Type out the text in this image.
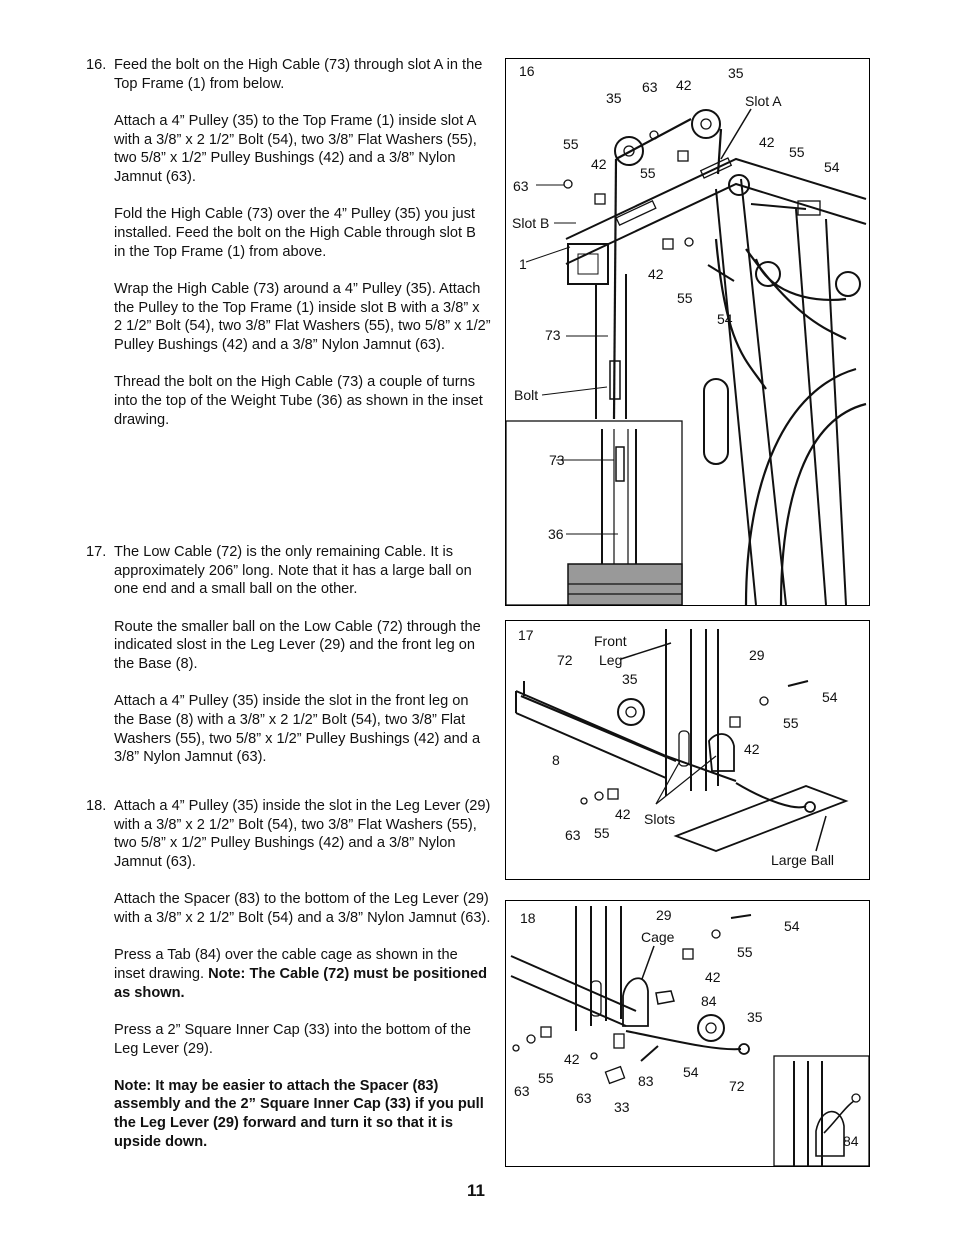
16. Feed the bolt on the High Cable (73) through slot A in the Top Frame (1) from below.

Attach a 4” Pulley (35) to the Top Frame (1) inside slot A with a 3/8” x 2 1/2” Bolt (54), two 3/8” Flat Washers (55), two 5/8” x 1/2” Pulley Bushings (42) and a 3/8” Nylon Jamnut (63).

Fold the High Cable (73) over the 4” Pulley (35) you just installed. Feed the bolt on the High Cable through slot B in the Top Frame (1) from above.

Wrap the High Cable (73) around a 4” Pulley (35). Attach the Pulley to the Top Frame (1) inside slot B with a 3/8” x 2 1/2” Bolt (54), two 3/8” Flat Washers (55), two 5/8” x 1/2” Pulley Bushings (42) and a 3/8” Nylon Jamnut (63).

Thread the bolt on the High Cable (73) a couple of turns into the top of the Weight Tube (36) as shown in the inset drawing.

17. The Low Cable (72) is the only remaining Cable. It is approximately 206” long. Note that it has a large ball on one end and a small ball on the other.

Route the smaller ball on the Low Cable (72) through the indicated slost in the Leg Lever (29) and the front leg on the Base (8).

Attach a 4” Pulley (35) inside the slot in the front leg on the Base (8) with a 3/8” x 2 1/2” Bolt (54), two 3/8” Flat Washers (55), two 5/8” x 1/2” Pulley Bushings (42) and a 3/8” Nylon Jamnut (63).

18. Attach a 4” Pulley (35) inside the slot in the Leg Lever (29) with a 3/8” x 2 1/2” Bolt (54), two 3/8” Flat Washers (55), two 5/8” x 1/2” Pulley Bushings (42) and a 3/8” Nylon Jamnut (63).

Attach the Spacer (83) to the bottom of the Leg Lever (29) with a 3/8” x 2 1/2” Bolt (54) and a 3/8” Nylon Jamnut (63).

Press a Tab (84) over the cable cage as shown in the inset drawing. Note: The Cable (72) must be positioned as shown.

Press a 2” Square Inner Cap (33) into the bottom of the Leg Lever (29).

Note: It may be easier to attach the Spacer (83) assembly and the 2” Square Inner Cap (33) if you pull the Leg Lever (29) forward and turn it so that it is upside down.

16
35
63 42
35
Slot A
55
42
55
42
55
54
63
Slot B
1
42
55
54
73
Bolt
73
36
17	Front
Leg
72	29
35
54
55
42
8
63 55
42 Slots
Large Ball
18	29
Cage
54
55
42
84
35
42
55
63	63
83
54
72
33
84
11
